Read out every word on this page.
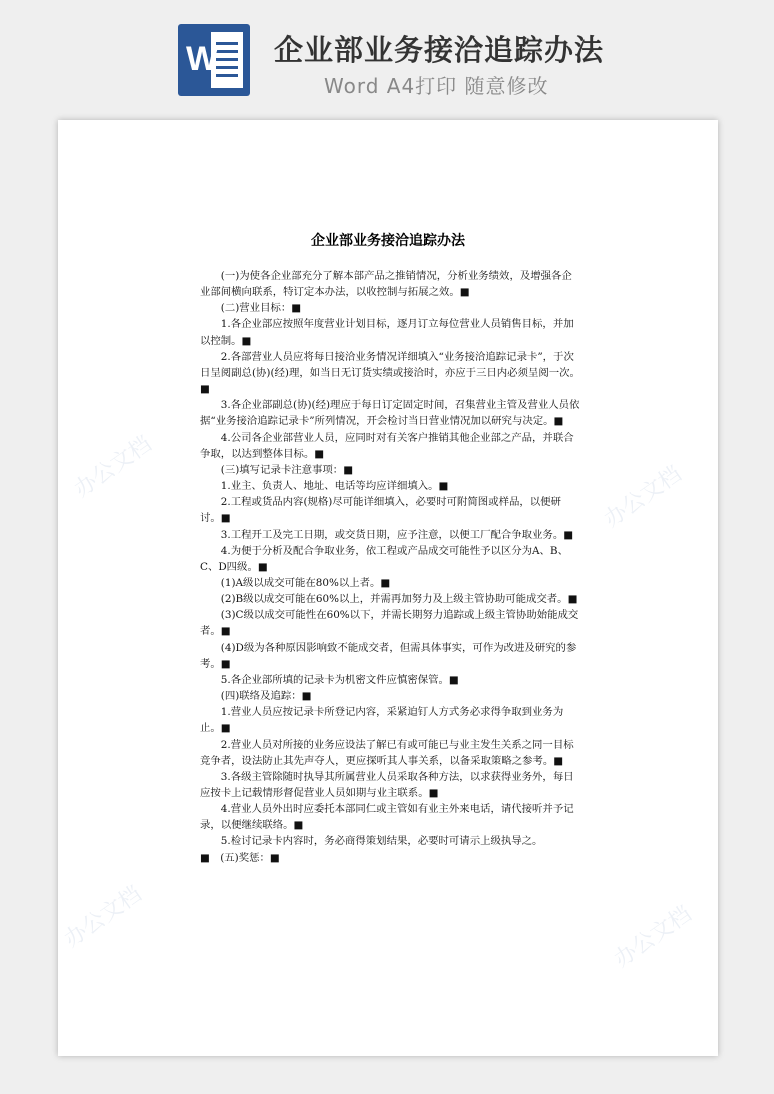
W 企业部业务接洽追踪办法
Word A4打印 随意修改
办公文档	办公文档
办公文档	办公文档
企业部业务接洽追踪办法

(一)为使各企业部充分了解本部产品之推销情况，分析业务绩效，及增强各企业部间横向联系，特订定本办法，以收控制与拓展之效。■

(二)营业目标：■

1.各企业部应按照年度营业计划目标，逐月订立每位营业人员销售目标，并加以控制。■

2.各部营业人员应将每日接洽业务情况详细填入“业务接洽追踪记录卡”，于次日呈阅副总(协)(经)理，如当日无订货实绩或接洽时，亦应于三日内必须呈阅一次。■

3.各企业部副总(协)(经)理应于每日订定固定时间，召集营业主管及营业人员依据“业务接洽追踪记录卡”所列情况，开会检讨当日营业情况加以研究与决定。■

4.公司各企业部营业人员，应同时对有关客户推销其他企业部之产品，并联合争取，以达到整体目标。■

(三)填写记录卡注意事项：■

1.业主、负责人、地址、电话等均应详细填入。■

2.工程或货品内容(规格)尽可能详细填入，必要时可附简图或样品，以便研讨。■

3.工程开工及完工日期，或交货日期，应予注意，以便工厂配合争取业务。■

4.为便于分析及配合争取业务，依工程或产品成交可能性予以区分为A、B、C、D四级。■

(1)A级以成交可能在80%以上者。■

(2)B级以成交可能在60%以上，并需再加努力及上级主管协助可能成交者。■

(3)C级以成交可能性在60%以下，并需长期努力追踪或上级主管协助始能成交者。■

(4)D级为各种原因影响致不能成交者，但需具体事实，可作为改进及研究的参考。■

5.各企业部所填的记录卡为机密文件应慎密保管。■

(四)联络及追踪：■

1.营业人员应按记录卡所登记内容，采紧迫钉人方式务必求得争取到业务为止。■

2.营业人员对所接的业务应设法了解已有或可能已与业主发生关系之同一目标竞争者，设法防止其先声夺人，更应探听其人事关系，以备采取策略之参考。■

3.各级主管除随时执导其所属营业人员采取各种方法，以求获得业务外，每日应按卡上记载情形督促营业人员如期与业主联系。■

4.营业人员外出时应委托本部同仁或主管如有业主外来电话，请代接听并予记录，以便继续联络。■

5.检讨记录卡内容时，务必商得策划结果，必要时可请示上级执导之。

■　(五)奖惩：■
